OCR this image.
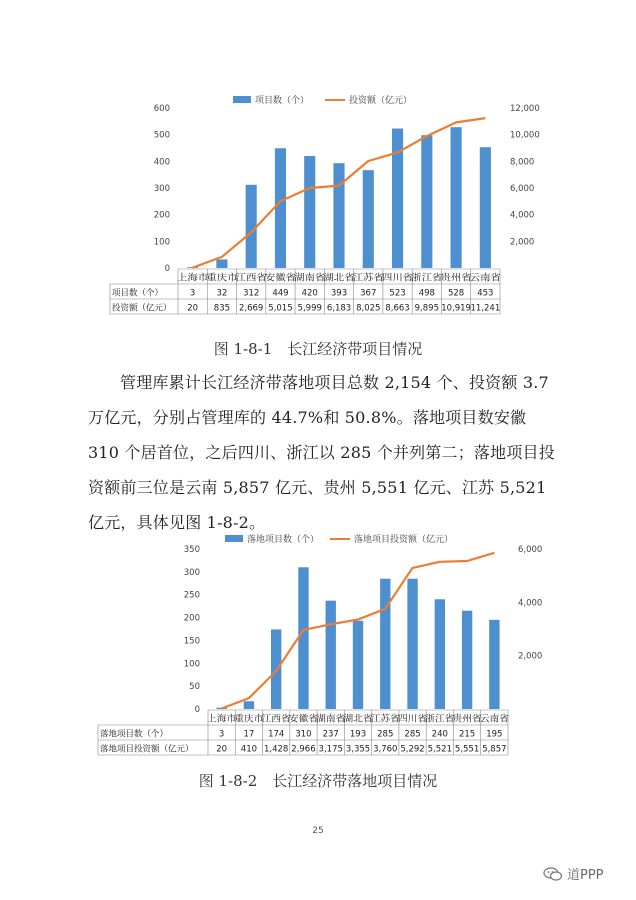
项目数（个）	投资额（亿元）
0
100
200
300
400
500
600
2,000
4,000
6,000
8,000
10,000
12,000
上海市 重庆市 江西省 安徽省 湖南省 湖北省 江苏省 四川省 浙江省 贵州省 云南省
项目数（个）	3 32 312 449 420 393 367 523 498 528 453
投资额（亿元） 20 835 2,669 5,015 5,999 6,183 8,025 8,663 9,895 10,919 11,241
图 1-8-1　长江经济带项目情况
管理库累计长江经济带落地项目总数 2,154 个、投资额 3.7 万亿元，分别占管理库的 44.7%和 50.8%。落地项目数安徽 310 个居首位，之后四川、浙江以 285 个并列第二；落地项目投资额前三位是云南 5,857 亿元、贵州 5,551 亿元、江苏 5,521 亿元，具体见图 1-8-2。
落地项目数（个）	落地项目投资额（亿元）
0
50
100
150
200
250
300
350
2,000
4,000
6,000
上海市 重庆市 江西省 安徽省 湖南省 湖北省 江苏省 四川省 浙江省 贵州省 云南省
落地项目数（个）	3 17 174 310 237 193 285 285 240 215 195
落地项目投资额（亿元）	20 410 1,428 2,966 3,175 3,355 3,760 5,292 5,521 5,551 5,857
图 1-8-2　长江经济带落地项目情况
25
道PPP
